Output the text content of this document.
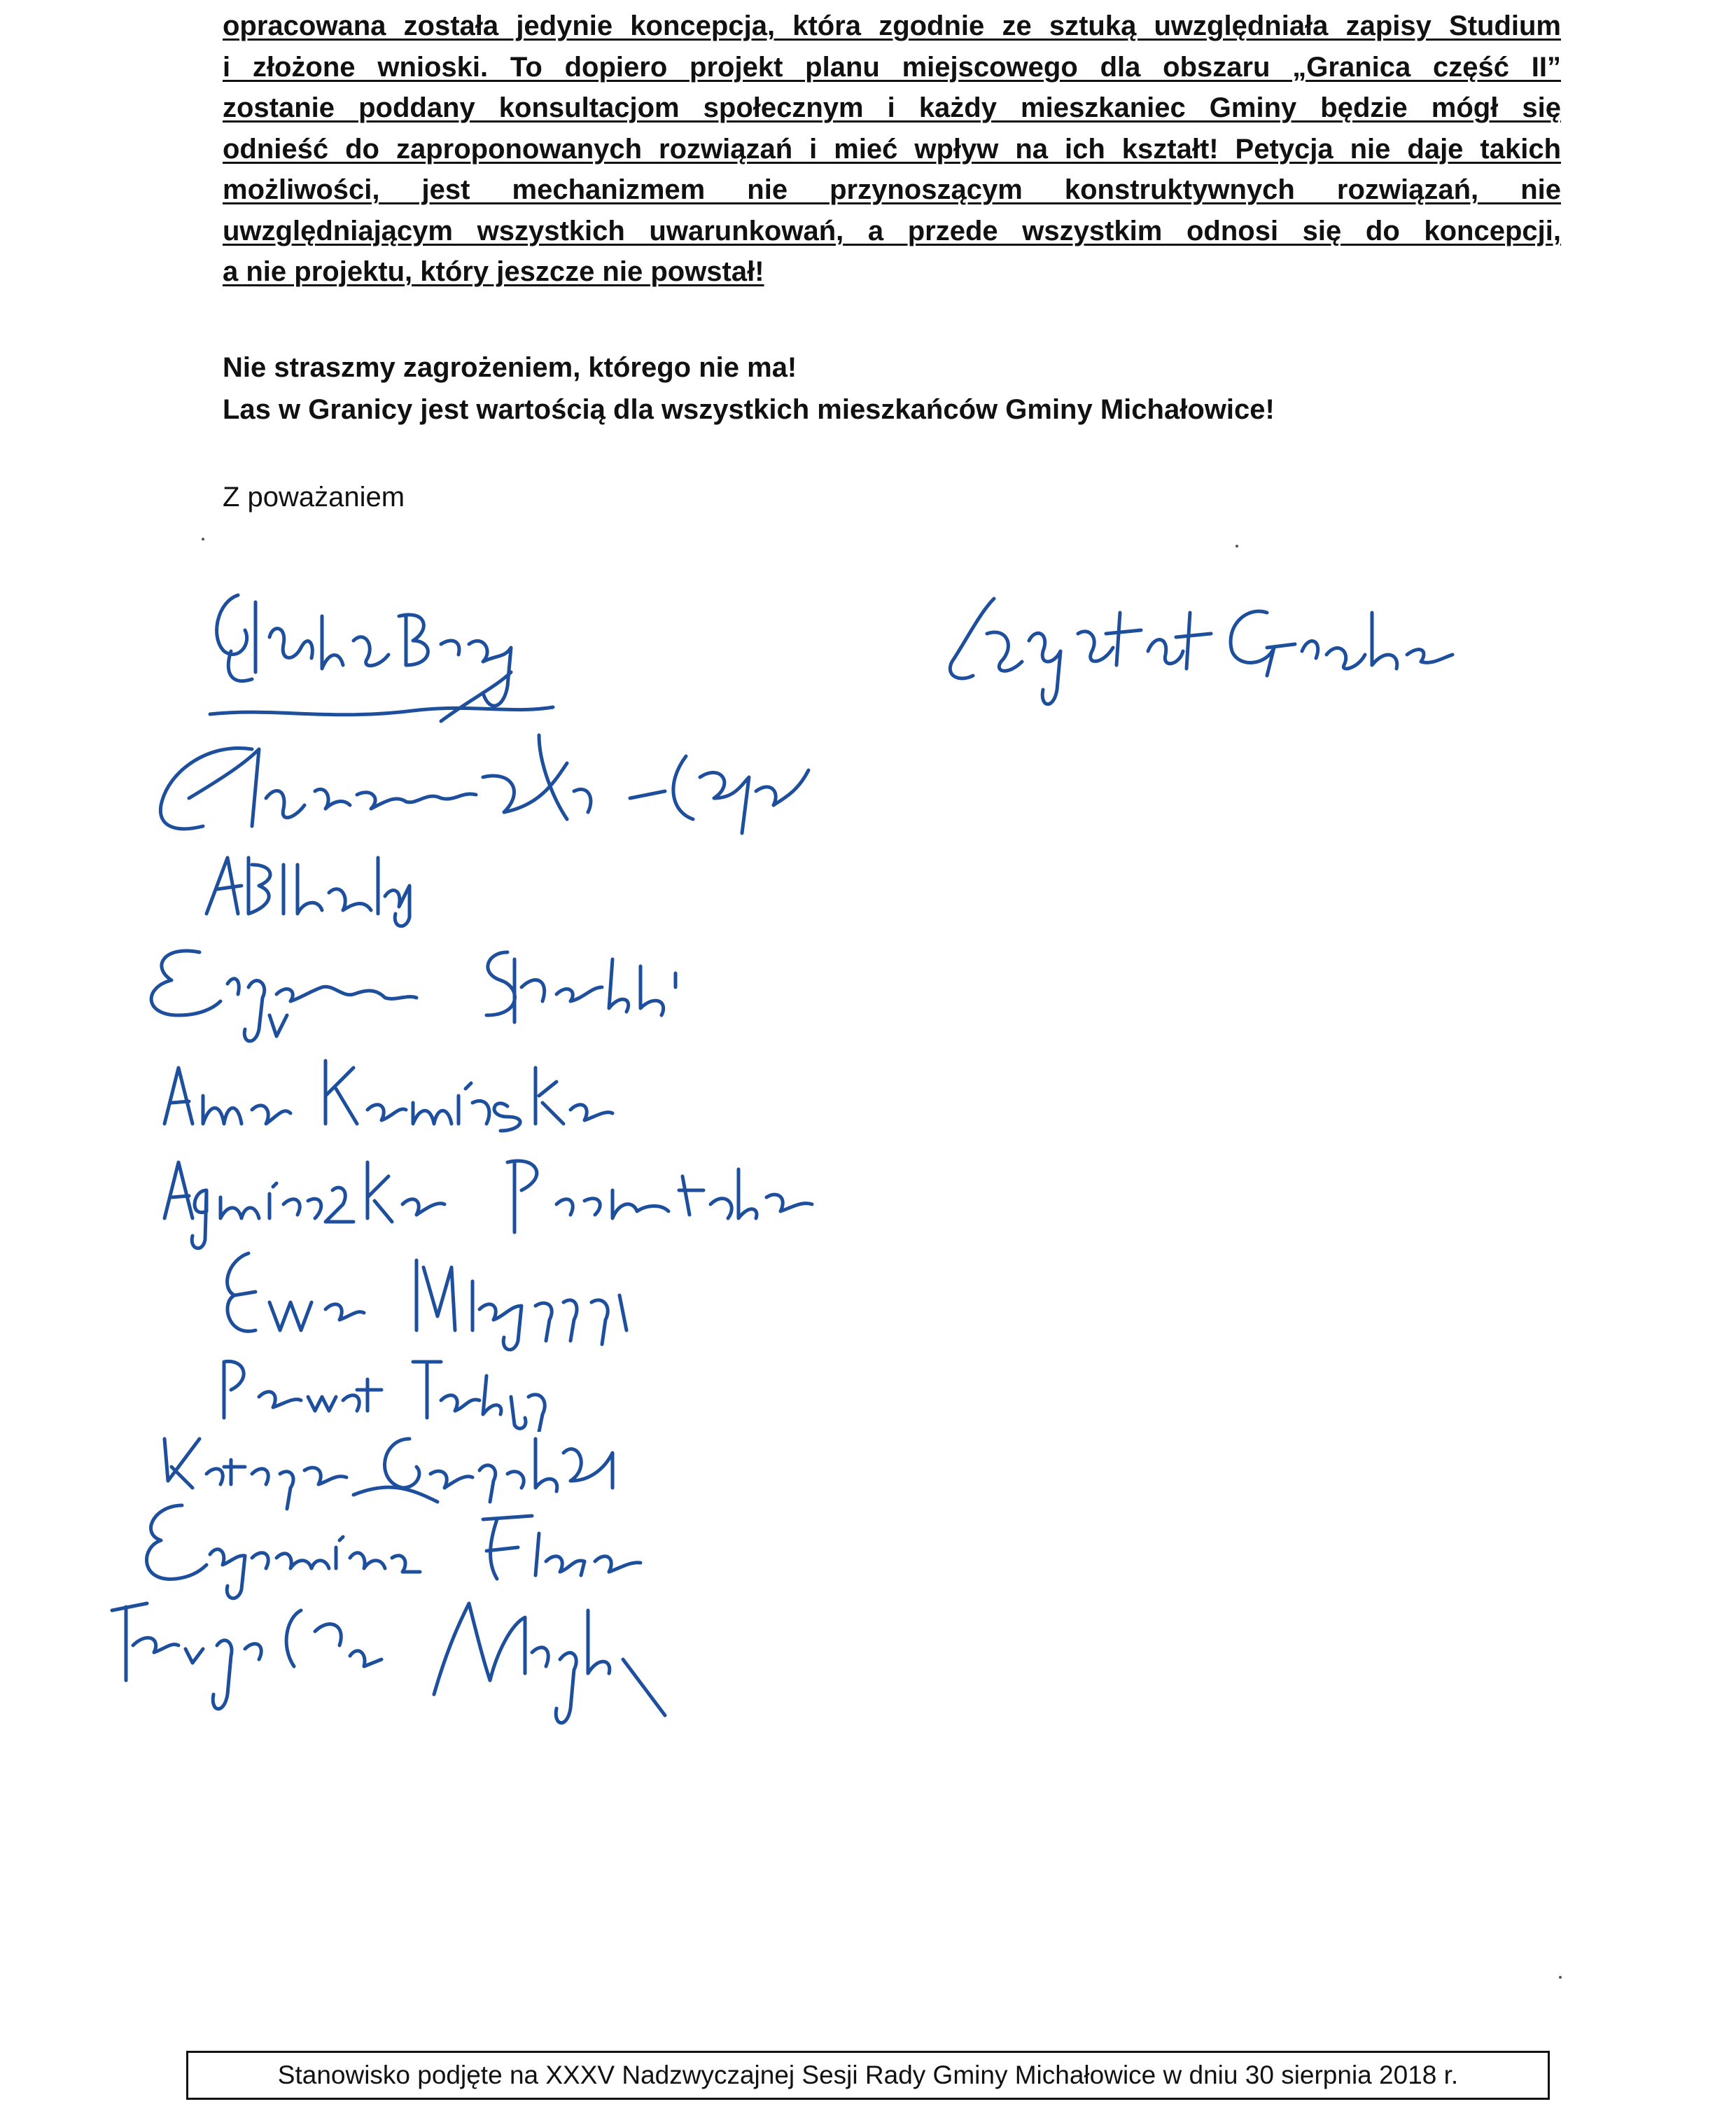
opracowana została jedynie koncepcja, która zgodnie ze sztuką uwzględniała zapisy Studium
i złożone wnioski. To dopiero projekt planu miejscowego dla obszaru „Granica część II”
zostanie poddany konsultacjom społecznym i każdy mieszkaniec Gminy będzie mógł się
odnieść do zaproponowanych rozwiązań i mieć wpływ na ich kształt! Petycja nie daje takich
możliwości, jest mechanizmem nie przynoszącym konstruktywnych rozwiązań, nie
uwzględniającym wszystkich uwarunkowań, a przede wszystkim odnosi się do koncepcji,
a nie projektu, który jeszcze nie powstał!

Nie straszmy zagrożeniem, którego nie ma!

Las w Granicy jest wartością dla wszystkich mieszkańców Gminy Michałowice!

Z poważaniem

Stanowisko podjęte na XXXV Nadzwyczajnej Sesji Rady Gminy Michałowice w dniu 30 sierpnia 2018 r.
